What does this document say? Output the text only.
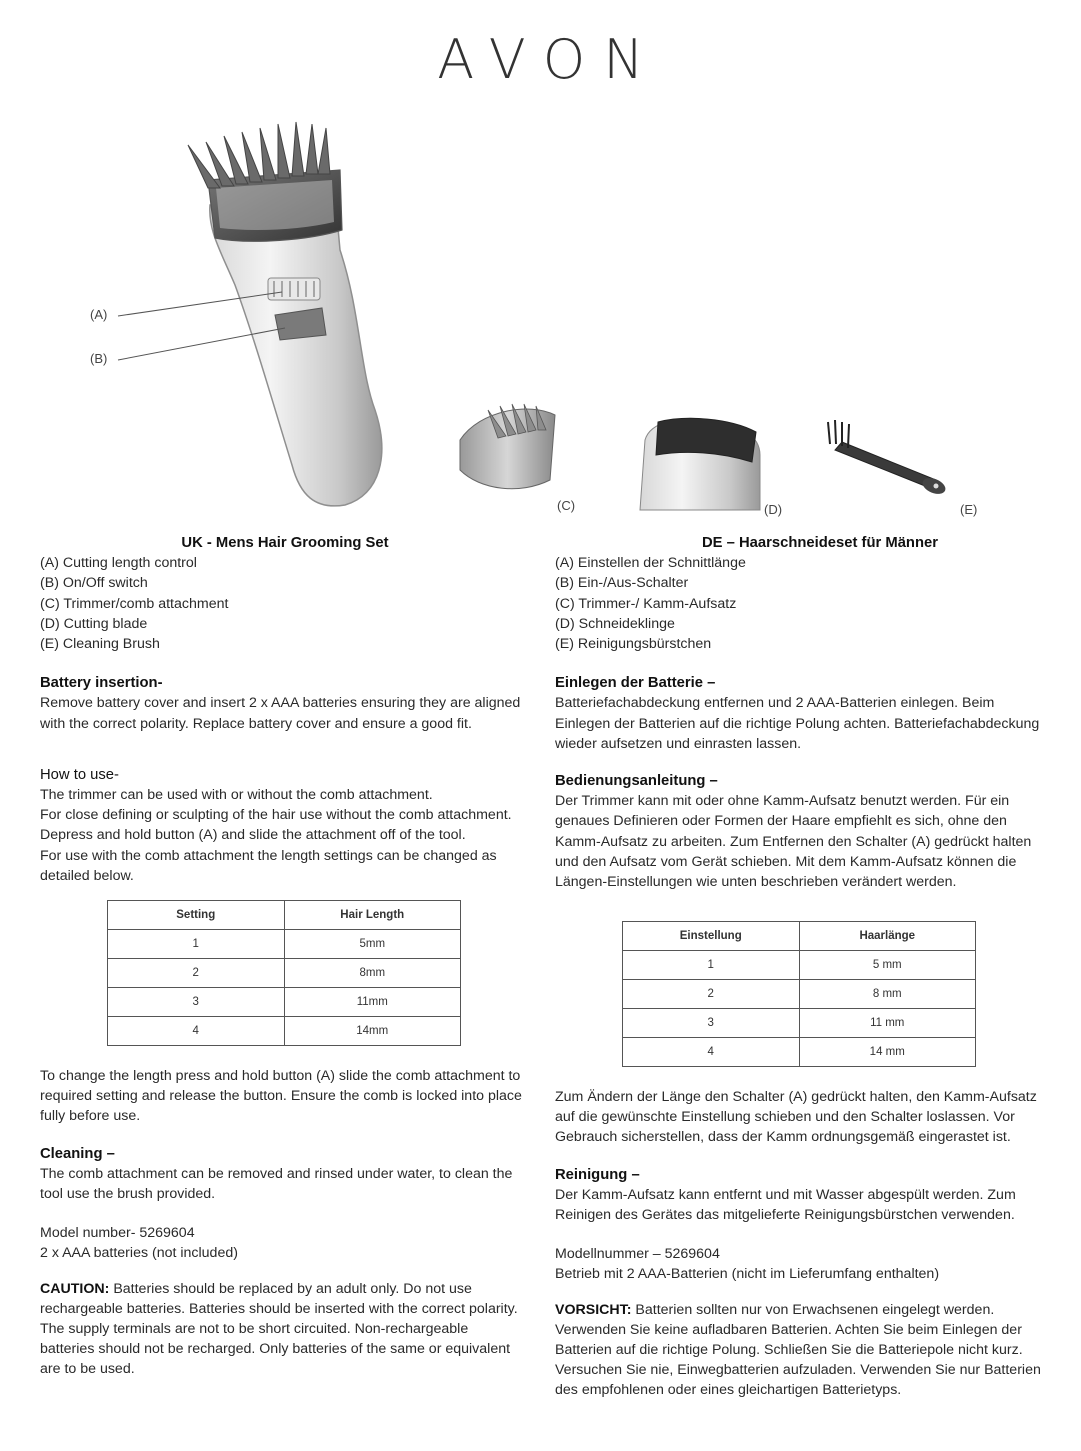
AVON
(A)
(B)
(C)	(D)	(E)

UK - Mens Hair Grooming Set

(A) Cutting length control

(B) On/Off switch

(C) Trimmer/comb attachment

(D) Cutting blade

(E) Cleaning Brush

Battery insertion-

Remove battery cover and insert 2 x AAA batteries ensuring they are aligned with the correct polarity. Replace battery cover and ensure a good fit.

How to use-

The trimmer can be used with or without the comb attachment.

For close defining or sculpting of the hair use without the comb attachment.

Depress and hold button (A) and slide the attachment off of the tool.

For use with the comb attachment the length settings can be changed as detailed below.

Setting	Hair Length
1	5mm
2	8mm
3	11mm
4	14mm

To change the length press and hold button (A) slide the comb attachment to required setting and release the button. Ensure the comb is locked into place fully before use.

Cleaning –

The comb attachment can be removed and rinsed under water, to clean the tool use the brush provided.

Model number- 5269604

2 x AAA batteries (not included)

CAUTION: Batteries should be replaced by an adult only. Do not use rechargeable batteries. Batteries should be inserted with the correct polarity. The supply terminals are not to be short circuited. Non-rechargeable batteries should not be recharged. Only batteries of the same or equivalent are to be used.

DE – Haarschneideset für Männer

(A) Einstellen der Schnittlänge

(B) Ein-/Aus-Schalter

(C) Trimmer-/ Kamm-Aufsatz

(D) Schneideklinge

(E) Reinigungsbürstchen

Einlegen der Batterie –

Batteriefachabdeckung entfernen und 2 AAA-Batterien einlegen. Beim Einlegen der Batterien auf die richtige Polung achten. Batteriefachabdeckung wieder aufsetzen und einrasten lassen.

Bedienungsanleitung –

Der Trimmer kann mit oder ohne Kamm-Aufsatz benutzt werden. Für ein genaues Definieren oder Formen der Haare empfiehlt es sich, ohne den Kamm-Aufsatz zu arbeiten. Zum Entfernen den Schalter (A) gedrückt halten und den Aufsatz vom Gerät schieben. Mit dem Kamm-Aufsatz können die Längen-Einstellungen wie unten beschrieben verändert werden.

Einstellung	Haarlänge
1	5 mm
2	8 mm
3	11 mm
4	14 mm

Zum Ändern der Länge den Schalter (A) gedrückt halten, den Kamm-Aufsatz auf die gewünschte Einstellung schieben und den Schalter loslassen. Vor Gebrauch sicherstellen, dass der Kamm ordnungsgemäß eingerastet ist.

Reinigung –

Der Kamm-Aufsatz kann entfernt und mit Wasser abgespült werden. Zum Reinigen des Gerätes das mitgelieferte Reinigungsbürstchen verwenden.

Modellnummer – 5269604

Betrieb mit 2 AAA-Batterien (nicht im Lieferumfang enthalten)

VORSICHT: Batterien sollten nur von Erwachsenen eingelegt werden. Verwenden Sie keine aufladbaren Batterien. Achten Sie beim Einlegen der Batterien auf die richtige Polung. Schließen Sie die Batteriepole nicht kurz. Versuchen Sie nie, Einwegbatterien aufzuladen. Verwenden Sie nur Batterien des empfohlenen oder eines gleichartigen Batterietyps.
